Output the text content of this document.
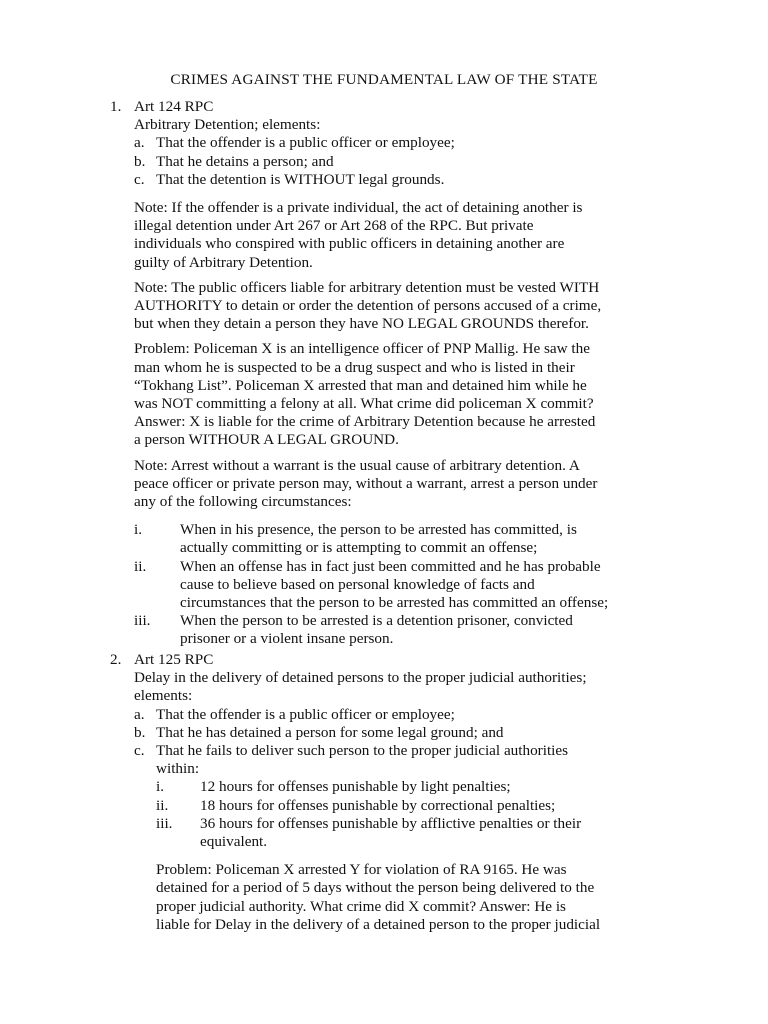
CRIMES AGAINST THE FUNDAMENTAL LAW OF THE STATE
1. Art 124 RPC
Arbitrary Detention; elements:
a. That the offender is a public officer or employee;
b. That he detains a person; and
c. That the detention is WITHOUT legal grounds.
Note: If the offender is a private individual, the act of detaining another is
illegal detention under Art 267 or Art 268 of the RPC. But private
individuals who conspired with public officers in detaining another are
guilty of Arbitrary Detention.
Note: The public officers liable for arbitrary detention must be vested WITH
AUTHORITY to detain or order the detention of persons accused of a crime,
but when they detain a person they have NO LEGAL GROUNDS therefor.
Problem: Policeman X is an intelligence officer of PNP Mallig. He saw the
man whom he is suspected to be a drug suspect and who is listed in their
“Tokhang List”. Policeman X arrested that man and detained him while he
was NOT committing a felony at all. What crime did policeman X commit?
Answer: X is liable for the crime of Arbitrary Detention because he arrested
a person WITHOUR A LEGAL GROUND.
Note: Arrest without a warrant is the usual cause of arbitrary detention. A
peace officer or private person may, without a warrant, arrest a person under
any of the following circumstances:
i. When in his presence, the person to be arrested has committed, is
actually committing or is attempting to commit an offense;
ii. When an offense has in fact just been committed and he has probable
cause to believe based on personal knowledge of facts and
circumstances that the person to be arrested has committed an offense;
iii. When the person to be arrested is a detention prisoner, convicted
prisoner or a violent insane person.
2. Art 125 RPC
Delay in the delivery of detained persons to the proper judicial authorities;
elements:
a. That the offender is a public officer or employee;
b. That he has detained a person for some legal ground; and
c. That he fails to deliver such person to the proper judicial authorities
within:
i. 12 hours for offenses punishable by light penalties;
ii. 18 hours for offenses punishable by correctional penalties;
iii. 36 hours for offenses punishable by afflictive penalties or their
equivalent.
Problem: Policeman X arrested Y for violation of RA 9165. He was
detained for a period of 5 days without the person being delivered to the
proper judicial authority. What crime did X commit? Answer: He is
liable for Delay in the delivery of a detained person to the proper judicial
